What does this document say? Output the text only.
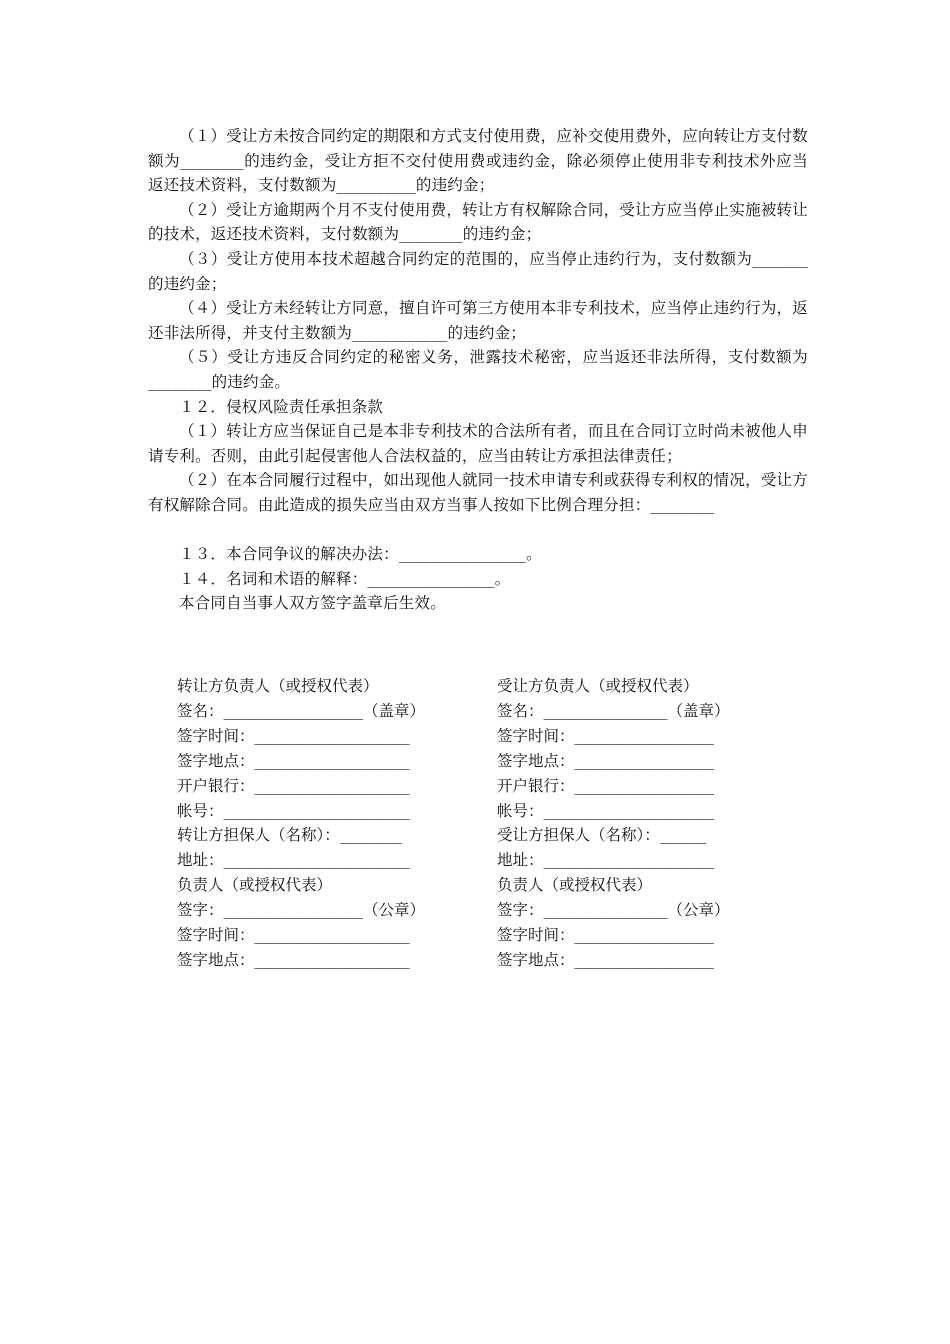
（１）受让方未按合同约定的期限和方式支付使用费，应补交使用费外，应向转让方支付数额为________的违约金，受让方拒不交付使用费或违约金，除必须停止使用非专利技术外应当返还技术资料，支付数额为__________的违约金；

（２）受让方逾期两个月不支付使用费，转让方有权解除合同，受让方应当停止实施被转让的技术，返还技术资料，支付数额为________的违约金；

（３）受让方使用本技术超越合同约定的范围的，应当停止违约行为，支付数额为_______的违约金；

（４）受让方未经转让方同意，擅自许可第三方使用本非专利技术，应当停止违约行为，返还非法所得，并支付主数额为____________的违约金；

（５）受让方违反合同约定的秘密义务，泄露技术秘密，应当返还非法所得，支付数额为________的违约金。

１２．侵权风险责任承担条款

（１）转让方应当保证自己是本非专利技术的合法所有者，而且在合同订立时尚未被他人申请专利。否则，由此引起侵害他人合法权益的，应当由转让方承担法律责任；

（２）在本合同履行过程中，如出现他人就同一技术申请专利或获得专利权的情况，受让方有权解除合同。由此造成的损失应当由双方当事人按如下比例合理分担：________

１３．本合同争议的解决办法：________________。

１４．名词和术语的解释：________________。

本合同自当事人双方签字盖章后生效。

转让方负责人（或授权代表）
签名：__________________（盖章）
签字时间：____________________
签字地点：____________________
开户银行：____________________
帐号：________________________
转让方担保人（名称）：________
地址：________________________
负责人（或授权代表）
签字：__________________（公章）
签字时间：____________________
签字地点：____________________
受让方负责人（或授权代表）
签名：________________（盖章）
签字时间：__________________
签字地点：__________________
开户银行：__________________
帐号：______________________
受让方担保人（名称）：______
地址：______________________
负责人（或授权代表）
签字：________________（公章）
签字时间：__________________
签字地点：__________________
